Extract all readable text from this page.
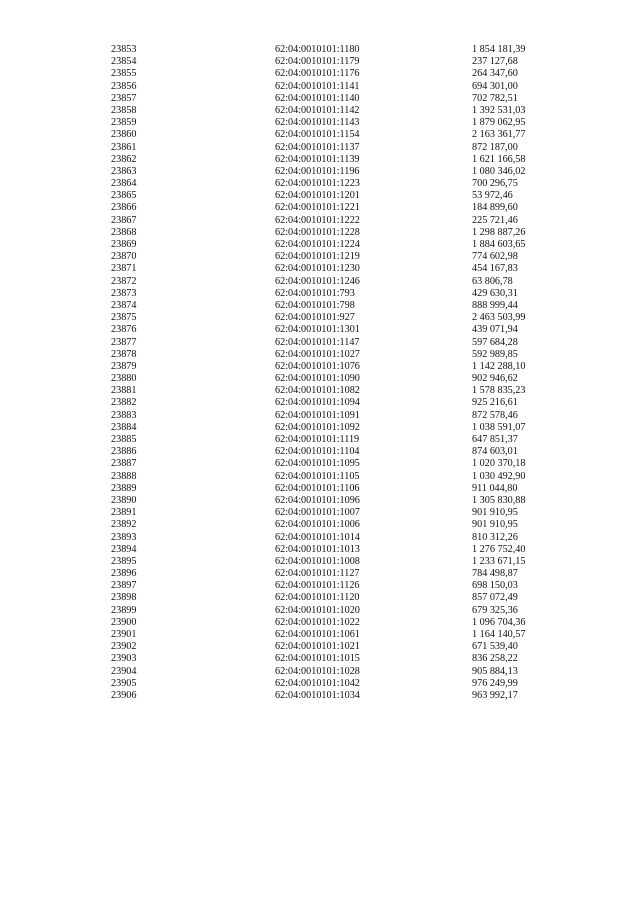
23853	62:04:0010101:1180	1 854 181,39
23854	62:04:0010101:1179	237 127,68
23855	62:04:0010101:1176	264 347,60
23856	62:04:0010101:1141	694 301,00
23857	62:04:0010101:1140	702 782,51
23858	62:04:0010101:1142	1 392 531,03
23859	62:04:0010101:1143	1 879 062,95
23860	62:04:0010101:1154	2 163 361,77
23861	62:04:0010101:1137	872 187,00
23862	62:04:0010101:1139	1 621 166,58
23863	62:04:0010101:1196	1 080 346,02
23864	62:04:0010101:1223	700 296,75
23865	62:04:0010101:1201	53 972,46
23866	62:04:0010101:1221	184 899,60
23867	62:04:0010101:1222	225 721,46
23868	62:04:0010101:1228	1 298 887,26
23869	62:04:0010101:1224	1 884 603,65
23870	62:04:0010101:1219	774 602,98
23871	62:04:0010101:1230	454 167,83
23872	62:04:0010101:1246	63 806,78
23873	62:04:0010101:793	429 630,31
23874	62:04:0010101:798	888 999,44
23875	62:04:0010101:927	2 463 503,99
23876	62:04:0010101:1301	439 071,94
23877	62:04:0010101:1147	597 684,28
23878	62:04:0010101:1027	592 989,85
23879	62:04:0010101:1076	1 142 288,10
23880	62:04:0010101:1090	902 946,62
23881	62:04:0010101:1082	1 578 835,23
23882	62:04:0010101:1094	925 216,61
23883	62:04:0010101:1091	872 578,46
23884	62:04:0010101:1092	1 038 591,07
23885	62:04:0010101:1119	647 851,37
23886	62:04:0010101:1104	874 603,01
23887	62:04:0010101:1095	1 020 370,18
23888	62:04:0010101:1105	1 030 492,90
23889	62:04:0010101:1106	911 044,80
23890	62:04:0010101:1096	1 305 830,88
23891	62:04:0010101:1007	901 910,95
23892	62:04:0010101:1006	901 910,95
23893	62:04:0010101:1014	810 312,26
23894	62:04:0010101:1013	1 276 752,40
23895	62:04:0010101:1008	1 233 671,15
23896	62:04:0010101:1127	784 498,87
23897	62:04:0010101:1126	698 150,03
23898	62:04:0010101:1120	857 072,49
23899	62:04:0010101:1020	679 325,36
23900	62:04:0010101:1022	1 096 704,36
23901	62:04:0010101:1061	1 164 140,57
23902	62:04:0010101:1021	671 539,40
23903	62:04:0010101:1015	836 258,22
23904	62:04:0010101:1028	905 884,13
23905	62:04:0010101:1042	976 249,99
23906	62:04:0010101:1034	963 992,17
